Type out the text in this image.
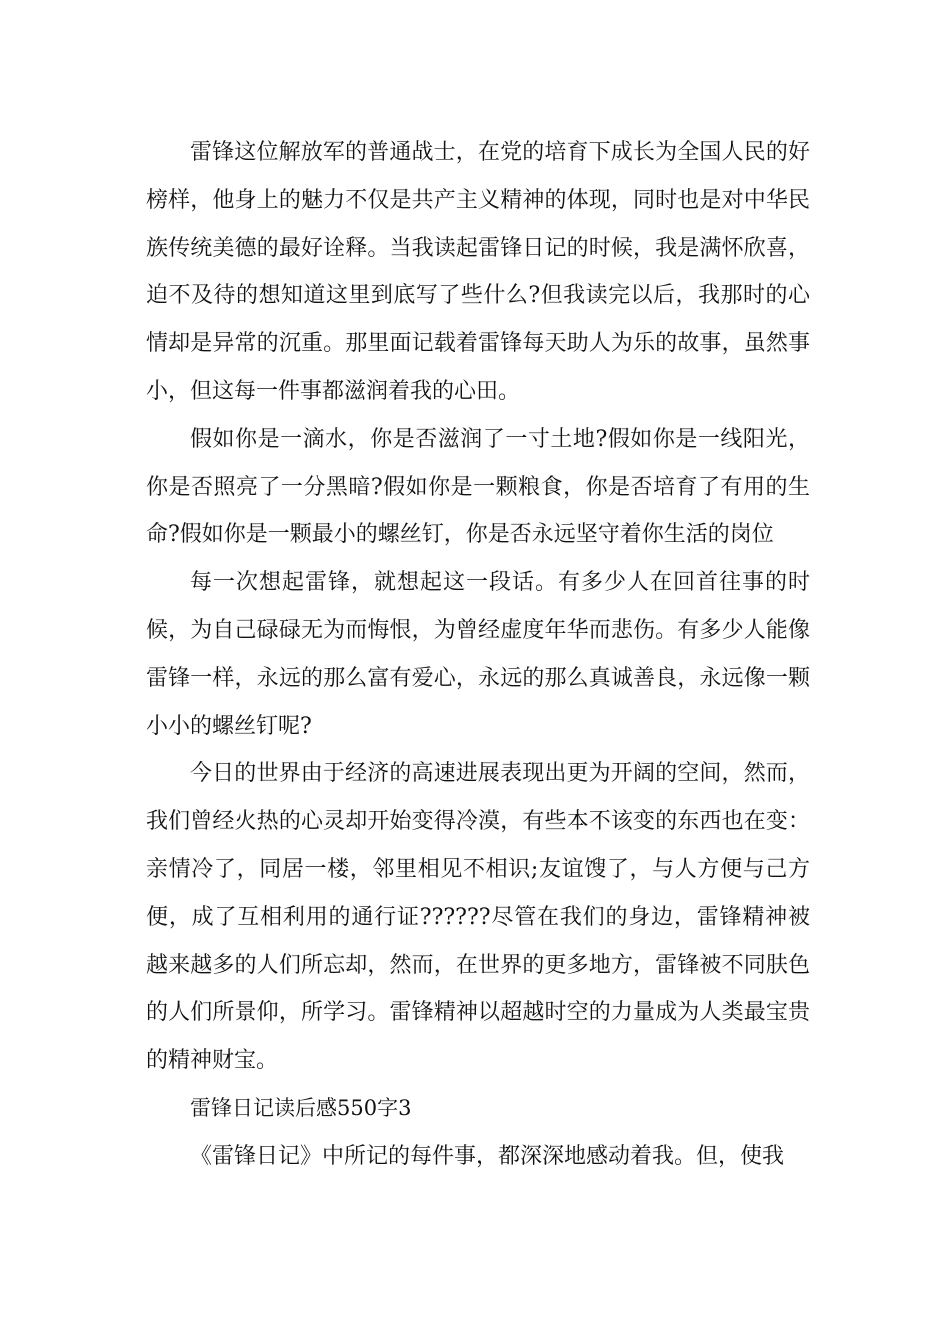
雷锋这位解放军的普通战士，在党的培育下成长为全国人民的好榜样，他身上的魅力不仅是共产主义精神的体现，同时也是对中华民族传统美德的最好诠释。当我读起雷锋日记的时候，我是满怀欣喜，迫不及待的想知道这里到底写了些什么?但我读完以后，我那时的心情却是异常的沉重。那里面记载着雷锋每天助人为乐的故事，虽然事小，但这每一件事都滋润着我的心田。

假如你是一滴水，你是否滋润了一寸土地?假如你是一线阳光，你是否照亮了一分黑暗?假如你是一颗粮食，你是否培育了有用的生命?假如你是一颗最小的螺丝钉，你是否永远坚守着你生活的岗位

每一次想起雷锋，就想起这一段话。有多少人在回首往事的时候，为自己碌碌无为而悔恨，为曾经虚度年华而悲伤。有多少人能像雷锋一样，永远的那么富有爱心，永远的那么真诚善良，永远像一颗小小的螺丝钉呢?

今日的世界由于经济的高速进展表现出更为开阔的空间，然而，我们曾经火热的心灵却开始变得冷漠，有些本不该变的东西也在变：亲情冷了，同居一楼，邻里相见不相识;友谊馊了，与人方便与己方便，成了互相利用的通行证??????尽管在我们的身边，雷锋精神被越来越多的人们所忘却，然而，在世界的更多地方，雷锋被不同肤色的人们所景仰，所学习。雷锋精神以超越时空的力量成为人类最宝贵的精神财宝。

雷锋日记读后感550字3

《雷锋日记》中所记的每件事，都深深地感动着我。但，使我
